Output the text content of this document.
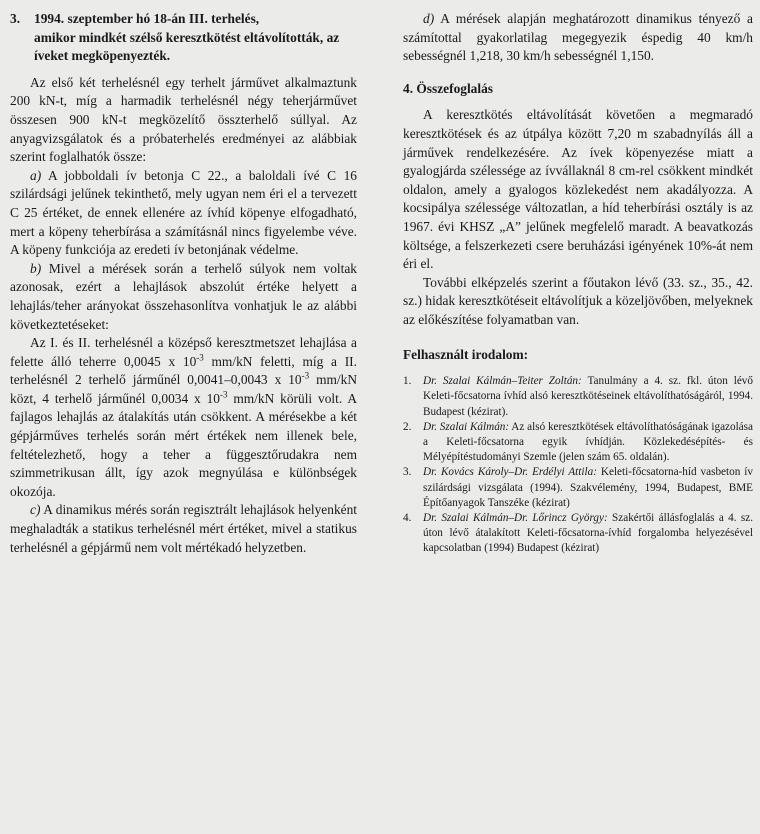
3.	1994. szeptember hó 18-án III. terhelés,
amikor mindkét szélső keresztkötést eltávolították, az íveket megköpenyezték.

Az első két terhelésnél egy terhelt járművet alkalmaztunk 200 kN-t, míg a harmadik terhelésnél négy teherjárművet összesen 900 kN-t megközelítő összterhelő súllyal. Az anyagvizsgálatok és a próbaterhelés eredményei az alábbiak szerint foglalhatók össze:

a) A jobboldali ív betonja C 22., a baloldali ívé C 16 szilárdsági jelűnek tekinthető, mely ugyan nem éri el a tervezett C 25 értéket, de ennek ellenére az ívhíd köpenye elfogadható, mert a köpeny teherbírása a számításnál nincs figyelembe véve. A köpeny funkciója az eredeti ív betonjának védelme.

b) Mivel a mérések során a terhelő súlyok nem voltak azonosak, ezért a lehajlások abszolút értéke helyett a lehajlás/teher arányokat összehasonlítva vonhatjuk le az alábbi következtetéseket:

Az I. és II. terhelésnél a középső keresztmetszet lehajlása a felette álló teherre 0,0045 x $10^{-3}$ mm/kN feletti, míg a II. terhelésnél 2 terhelő járműnél 0,0041–0,0043 x $10^{-3}$ mm/kN közt, 4 terhelő járműnél 0,0034 x $10^{-3}$ mm/kN körüli volt. A fajlagos lehajlás az átalakítás után csökkent. A mérésekbe a két gépjárműves terhelés során mért értékek nem illenek bele, feltételezhető, hogy a teher a függesztőrudakra nem szimmetrikusan állt, így azok megnyúlása e különbségek okozója.

c) A dinamikus mérés során regisztrált lehajlások helyenként meghaladták a statikus terhelésnél mért értéket, mivel a statikus terhelésnél a gépjármű nem volt mértékadó helyzetben.

d) A mérések alapján meghatározott dinamikus tényező a számítottal gyakorlatilag megegyezik éspedig 40 km/h sebességnél 1,218, 30 km/h sebességnél 1,150.

4. Összefoglalás

A keresztkötés eltávolítását követően a megmaradó keresztkötések és az útpálya között 7,20 m szabadnyílás áll a járművek rendelkezésére. Az ívek köpenyezése miatt a gyalogjárda szélessége az ívvállaknál 8 cm-rel csökkent mindkét oldalon, amely a gyalogos közlekedést nem akadályozza. A kocsipálya szélessége változatlan, a híd teherbírási osztály is az 1967. évi KHSZ „A” jelűnek megfelelő maradt. A beavatkozás költsége, a felszerkezeti csere beruházási igényének 10%-át nem éri el.

További elképzelés szerint a főutakon lévő (33. sz., 35., 42. sz.) hidak keresztkötéseit eltávolítjuk a közeljövőben, melyeknek az előkészítése folyamatban van.

Felhasznált irodalom:
1.	Dr. Szalai Kálmán–Teiter Zoltán: Tanulmány a 4. sz. fkl. úton lévő Keleti-főcsatorna ívhíd alsó keresztkötéseinek eltávolíthatóságáról, 1994. Budapest (kézirat).
2.	Dr. Szalai Kálmán: Az alsó keresztkötések eltávolíthatóságának igazolása a Keleti-főcsatorna egyik ívhídján. Közlekedésépítés- és Mélyépítéstudományi Szemle (jelen szám 65. oldalán).
3.	Dr. Kovács Károly–Dr. Erdélyi Attila: Keleti-főcsatorna-híd vasbeton ív szilárdsági vizsgálata (1994). Szakvélemény, 1994, Budapest, BME Építőanyagok Tanszéke (kézirat)
4.	Dr. Szalai Kálmán–Dr. Lőrincz György: Szakértői állásfoglalás a 4. sz. úton lévő átalakított Keleti-főcsatorna-ívhíd forgalomba helyezésével kapcsolatban (1994) Budapest (kézirat)
